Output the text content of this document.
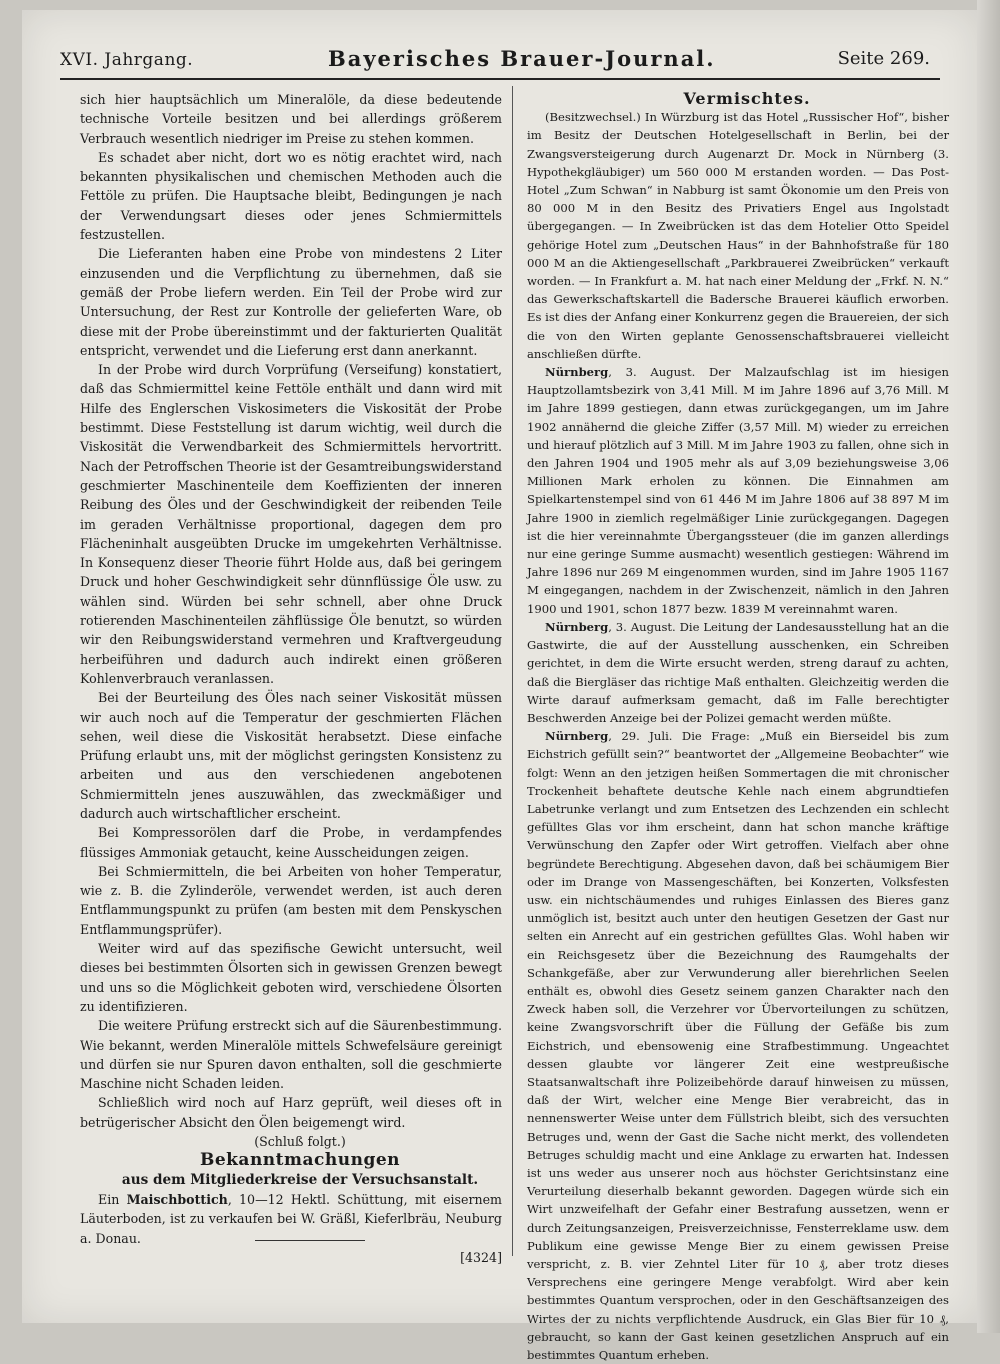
XVI. Jahrgang.	Bayerisches Brauer-Journal.	Seite 269.

sich hier hauptsächlich um Mineralöle, da diese bedeutende technische Vorteile besitzen und bei allerdings größerem Verbrauch wesentlich niedriger im Preise zu stehen kommen.

Es schadet aber nicht, dort wo es nötig erachtet wird, nach bekannten physikalischen und chemischen Methoden auch die Fettöle zu prüfen. Die Hauptsache bleibt, Bedingungen je nach der Verwendungsart dieses oder jenes Schmiermittels festzustellen.

Die Lieferanten haben eine Probe von mindestens 2 Liter einzusenden und die Verpflichtung zu übernehmen, daß sie gemäß der Probe liefern werden. Ein Teil der Probe wird zur Untersuchung, der Rest zur Kontrolle der gelieferten Ware, ob diese mit der Probe übereinstimmt und der fakturierten Qualität entspricht, verwendet und die Lieferung erst dann anerkannt.

In der Probe wird durch Vorprüfung (Verseifung) konstatiert, daß das Schmiermittel keine Fettöle enthält und dann wird mit Hilfe des Englerschen Viskosimeters die Viskosität der Probe bestimmt. Diese Feststellung ist darum wichtig, weil durch die Viskosität die Verwendbarkeit des Schmiermittels hervortritt. Nach der Petroffschen Theorie ist der Gesamtreibungswiderstand geschmierter Maschinenteile dem Koeffizienten der inneren Reibung des Öles und der Geschwindigkeit der reibenden Teile im geraden Verhältnisse proportional, dagegen dem pro Flächeninhalt ausgeübten Drucke im umgekehrten Verhältnisse. In Konsequenz dieser Theorie führt Holde aus, daß bei geringem Druck und hoher Geschwindigkeit sehr dünnflüssige Öle usw. zu wählen sind. Würden bei sehr schnell, aber ohne Druck rotierenden Maschinenteilen zähflüssige Öle benutzt, so würden wir den Reibungswiderstand vermehren und Kraftvergeudung herbeiführen und dadurch auch indirekt einen größeren Kohlenverbrauch veranlassen.

Bei der Beurteilung des Öles nach seiner Viskosität müssen wir auch noch auf die Temperatur der geschmierten Flächen sehen, weil diese die Viskosität herabsetzt. Diese einfache Prüfung erlaubt uns, mit der möglichst geringsten Konsistenz zu arbeiten und aus den verschiedenen angebotenen Schmiermitteln jenes auszuwählen, das zweckmäßiger und dadurch auch wirtschaftlicher erscheint.

Bei Kompressorölen darf die Probe, in verdampfendes flüssiges Ammoniak getaucht, keine Ausscheidungen zeigen.

Bei Schmiermitteln, die bei Arbeiten von hoher Temperatur, wie z. B. die Zylinderöle, verwendet werden, ist auch deren Entflammungspunkt zu prüfen (am besten mit dem Penskyschen Entflammungsprüfer).

Weiter wird auf das spezifische Gewicht untersucht, weil dieses bei bestimmten Ölsorten sich in gewissen Grenzen bewegt und uns so die Möglichkeit geboten wird, verschiedene Ölsorten zu identifizieren.

Die weitere Prüfung erstreckt sich auf die Säurenbestimmung. Wie bekannt, werden Mineralöle mittels Schwefelsäure gereinigt und dürfen sie nur Spuren davon enthalten, soll die geschmierte Maschine nicht Schaden leiden.

Schließlich wird noch auf Harz geprüft, weil dieses oft in betrügerischer Absicht den Ölen beigemengt wird.

(Schluß folgt.)

Bekanntmachungen

aus dem Mitgliederkreise der Versuchsanstalt.

Ein Maischbottich, 10—12 Hektl. Schüttung, mit eisernem Läuterboden, ist zu verkaufen bei W. Gräßl, Kieferlbräu, Neuburg a. Donau.

[4324]

Vermischtes.

(Besitzwechsel.) In Würzburg ist das Hotel „Russischer Hof“, bisher im Besitz der Deutschen Hotelgesellschaft in Berlin, bei der Zwangsversteigerung durch Augenarzt Dr. Mock in Nürnberg (3. Hypothekgläubiger) um 560 000 M erstanden worden. — Das Post-Hotel „Zum Schwan“ in Nabburg ist samt Ökonomie um den Preis von 80 000 M in den Besitz des Privatiers Engel aus Ingolstadt übergegangen. — In Zweibrücken ist das dem Hotelier Otto Speidel gehörige Hotel zum „Deutschen Haus“ in der Bahnhofstraße für 180 000 M an die Aktiengesellschaft „Parkbrauerei Zweibrücken“ verkauft worden. — In Frankfurt a. M. hat nach einer Meldung der „Frkf. N. N.“ das Gewerkschaftskartell die Badersche Brauerei käuflich erworben. Es ist dies der Anfang einer Konkurrenz gegen die Brauereien, der sich die von den Wirten geplante Genossenschaftsbrauerei vielleicht anschließen dürfte.

Nürnberg, 3. August. Der Malzaufschlag ist im hiesigen Hauptzollamtsbezirk von 3,41 Mill. M im Jahre 1896 auf 3,76 Mill. M im Jahre 1899 gestiegen, dann etwas zurückgegangen, um im Jahre 1902 annähernd die gleiche Ziffer (3,57 Mill. M) wieder zu erreichen und hierauf plötzlich auf 3 Mill. M im Jahre 1903 zu fallen, ohne sich in den Jahren 1904 und 1905 mehr als auf 3,09 beziehungsweise 3,06 Millionen Mark erholen zu können. Die Einnahmen am Spielkartenstempel sind von 61 446 M im Jahre 1806 auf 38 897 M im Jahre 1900 in ziemlich regelmäßiger Linie zurückgegangen. Dagegen ist die hier vereinnahmte Übergangssteuer (die im ganzen allerdings nur eine geringe Summe ausmacht) wesentlich gestiegen: Während im Jahre 1896 nur 269 M eingenommen wurden, sind im Jahre 1905 1167 M eingegangen, nachdem in der Zwischenzeit, nämlich in den Jahren 1900 und 1901, schon 1877 bezw. 1839 M vereinnahmt waren.

Nürnberg, 3. August. Die Leitung der Landesausstellung hat an die Gastwirte, die auf der Ausstellung ausschenken, ein Schreiben gerichtet, in dem die Wirte ersucht werden, streng darauf zu achten, daß die Biergläser das richtige Maß enthalten. Gleichzeitig werden die Wirte darauf aufmerksam gemacht, daß im Falle berechtigter Beschwerden Anzeige bei der Polizei gemacht werden müßte.

Nürnberg, 29. Juli. Die Frage: „Muß ein Bierseidel bis zum Eichstrich gefüllt sein?“ beantwortet der „Allgemeine Beobachter“ wie folgt: Wenn an den jetzigen heißen Sommertagen die mit chronischer Trockenheit behaftete deutsche Kehle nach einem abgrundtiefen Labetrunke verlangt und zum Entsetzen des Lechzenden ein schlecht gefülltes Glas vor ihm erscheint, dann hat schon manche kräftige Verwünschung den Zapfer oder Wirt getroffen. Vielfach aber ohne begründete Berechtigung. Abgesehen davon, daß bei schäumigem Bier oder im Drange von Massengeschäften, bei Konzerten, Volksfesten usw. ein nichtschäumendes und ruhiges Einlassen des Bieres ganz unmöglich ist, besitzt auch unter den heutigen Gesetzen der Gast nur selten ein Anrecht auf ein gestrichen gefülltes Glas. Wohl haben wir ein Reichsgesetz über die Bezeichnung des Raumgehalts der Schankgefäße, aber zur Verwunderung aller bierehrlichen Seelen enthält es, obwohl dies Gesetz seinem ganzen Charakter nach den Zweck haben soll, die Verzehrer vor Übervorteilungen zu schützen, keine Zwangsvorschrift über die Füllung der Gefäße bis zum Eichstrich, und ebensowenig eine Strafbestimmung. Ungeachtet dessen glaubte vor längerer Zeit eine westpreußische Staatsanwaltschaft ihre Polizeibehörde darauf hinweisen zu müssen, daß der Wirt, welcher eine Menge Bier verabreicht, das in nennenswerter Weise unter dem Füllstrich bleibt, sich des versuchten Betruges und, wenn der Gast die Sache nicht merkt, des vollendeten Betruges schuldig macht und eine Anklage zu erwarten hat. Indessen ist uns weder aus unserer noch aus höchster Gerichtsinstanz eine Verurteilung dieserhalb bekannt geworden. Dagegen würde sich ein Wirt unzweifelhaft der Gefahr einer Bestrafung aussetzen, wenn er durch Zeitungsanzeigen, Preisverzeichnisse, Fensterreklame usw. dem Publikum eine gewisse Menge Bier zu einem gewissen Preise verspricht, z. B. vier Zehntel Liter für 10 ₰, aber trotz dieses Versprechens eine geringere Menge verabfolgt. Wird aber kein bestimmtes Quantum versprochen, oder in den Geschäftsanzeigen des Wirtes der zu nichts verpflichtende Ausdruck, ein Glas Bier für 10 ₰, gebraucht, so kann der Gast keinen gesetzlichen Anspruch auf ein bestimmtes Quantum erheben.
